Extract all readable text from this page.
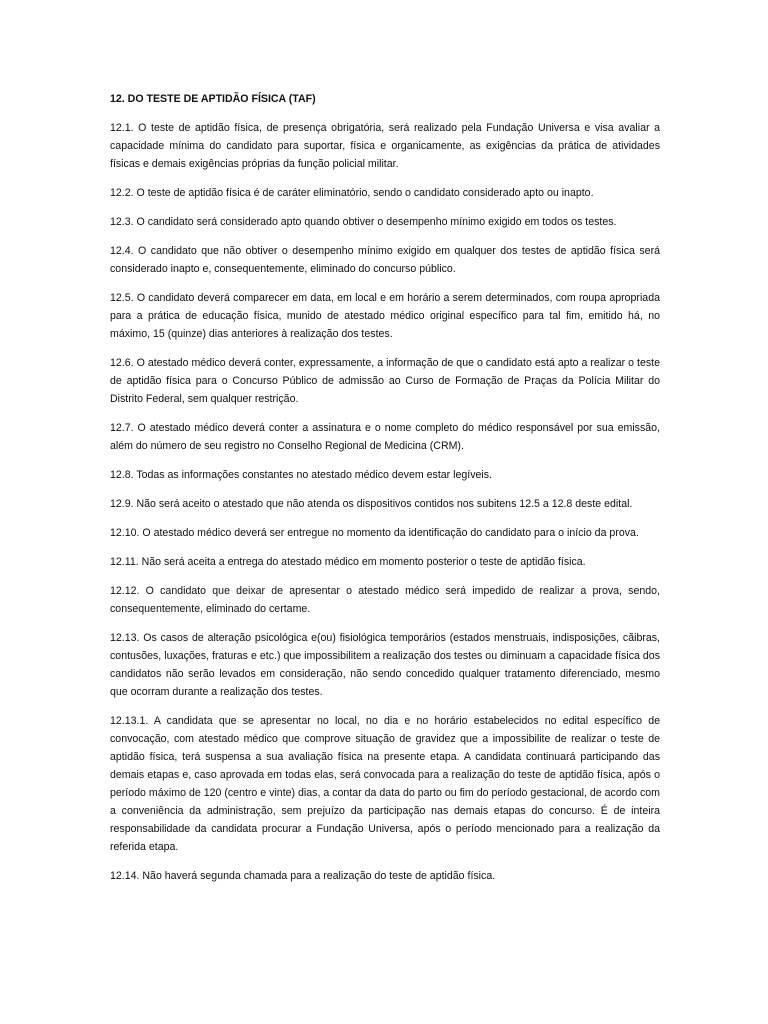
12. DO TESTE DE APTIDÃO FÍSICA (TAF)

12.1. O teste de aptidão física, de presença obrigatória, será realizado pela Fundação Universa e visa avaliar a capacidade mínima do candidato para suportar, física e organicamente, as exigências da prática de atividades físicas e demais exigências próprias da função policial militar.

12.2. O teste de aptidão física é de caráter eliminatório, sendo o candidato considerado apto ou inapto.

12.3. O candidato será considerado apto quando obtiver o desempenho mínimo exigido em todos os testes.

12.4. O candidato que não obtiver o desempenho mínimo exigido em qualquer dos testes de aptidão física será considerado inapto e, consequentemente, eliminado do concurso público.

12.5. O candidato deverá comparecer em data, em local e em horário a serem determinados, com roupa apropriada para a prática de educação física, munido de atestado médico original específico para tal fim, emitido há, no máximo, 15 (quinze) dias anteriores à realização dos testes.

12.6. O atestado médico deverá conter, expressamente, a informação de que o candidato está apto a realizar o teste de aptidão física para o Concurso Público de admissão ao Curso de Formação de Praças da Polícia Militar do Distrito Federal, sem qualquer restrição.

12.7. O atestado médico deverá conter a assinatura e o nome completo do médico responsável por sua emissão, além do número de seu registro no Conselho Regional de Medicina (CRM).

12.8. Todas as informações constantes no atestado médico devem estar legíveis.

12.9. Não será aceito o atestado que não atenda os dispositivos contidos nos subitens 12.5 a 12.8 deste edital.

12.10. O atestado médico deverá ser entregue no momento da identificação do candidato para o início da prova.

12.11. Não será aceita a entrega do atestado médico em momento posterior o teste de aptidão física.

12.12. O candidato que deixar de apresentar o atestado médico será impedido de realizar a prova, sendo, consequentemente, eliminado do certame.

12.13. Os casos de alteração psicológica e(ou) fisiológica temporários (estados menstruais, indisposições, cãibras, contusões, luxações, fraturas e etc.) que impossibilitem a realização dos testes ou diminuam a capacidade física dos candidatos não serão levados em consideração, não sendo concedido qualquer tratamento diferenciado, mesmo que ocorram durante a realização dos testes.

12.13.1. A candidata que se apresentar no local, no dia e no horário estabelecidos no edital específico de convocação, com atestado médico que comprove situação de gravidez que a impossibilite de realizar o teste de aptidão física, terá suspensa a sua avaliação física na presente etapa. A candidata continuará participando das demais etapas e, caso aprovada em todas elas, será convocada para a realização do teste de aptidão física, após o período máximo de 120 (centro e vinte) dias, a contar da data do parto ou fim do período gestacional, de acordo com a conveniência da administração, sem prejuízo da participação nas demais etapas do concurso. É de inteira responsabilidade da candidata procurar a Fundação Universa, após o período mencionado para a realização da referida etapa.

12.14. Não haverá segunda chamada para a realização do teste de aptidão física.
